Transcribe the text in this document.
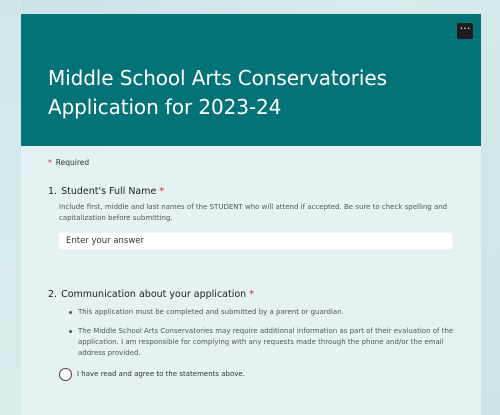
···
Middle School Arts Conservatories Application for 2023-24
* Required
1. Student's Full Name *
Include first, middle and last names of the STUDENT who will attend if accepted. Be sure to check spelling and capitalization before submitting.
Enter your answer
2. Communication about your application *
This application must be completed and submitted by a parent or guardian.
The Middle School Arts Conservatories may require additional information as part of their evaluation of the application. I am responsible for complying with any requests made through the phone and/or the email address provided.
I have read and agree to the statements above.
